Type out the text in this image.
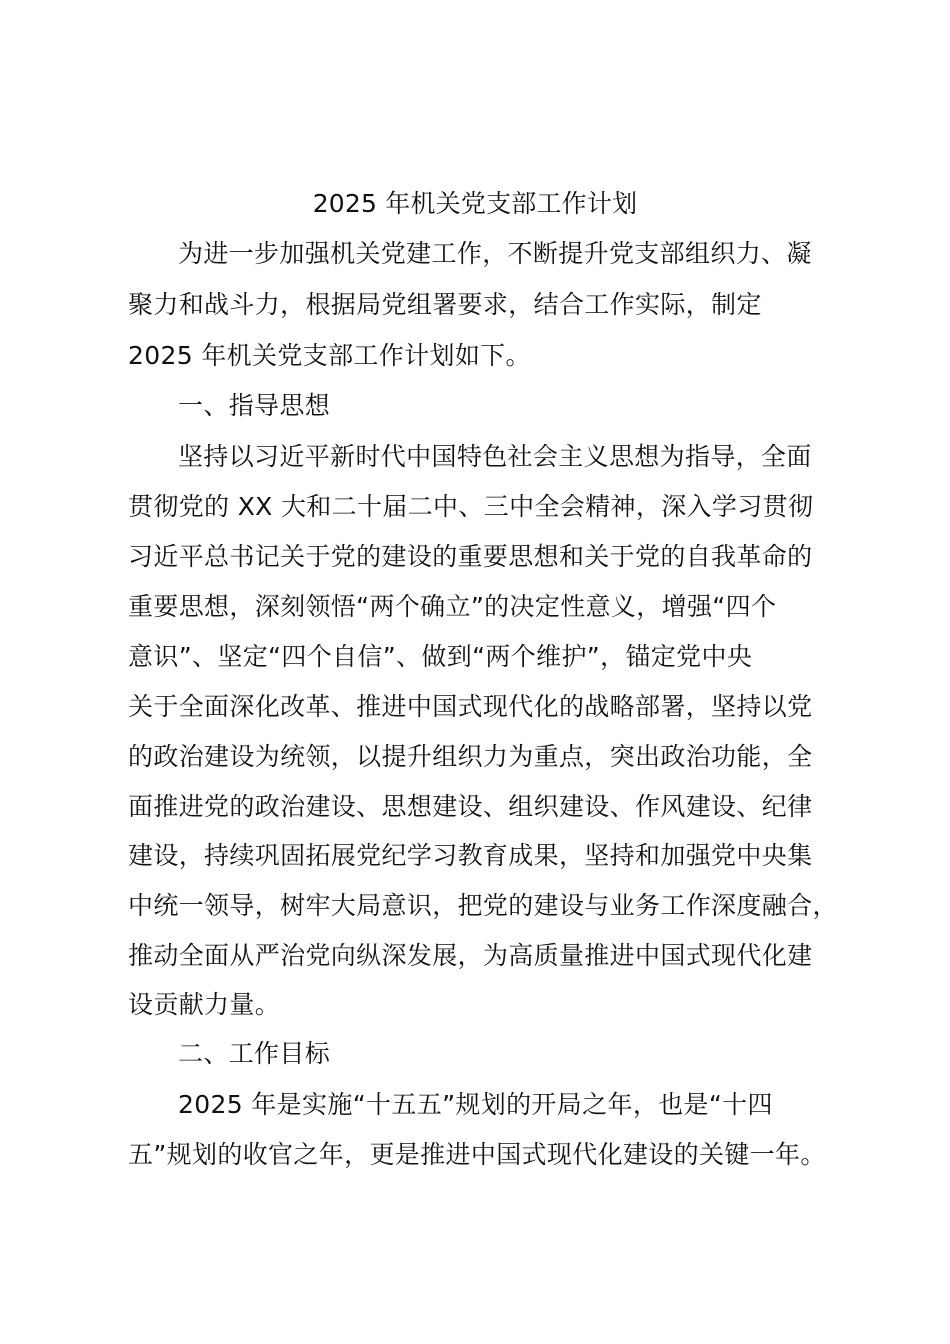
2025 年机关党支部工作计划
为进一步加强机关党建工作，不断提升党支部组织力、凝
聚力和战斗力，根据局党组署要求，结合工作实际，制定
2025 年机关党支部工作计划如下。
一、指导思想
坚持以习近平新时代中国特色社会主义思想为指导，全面
贯彻党的 XX 大和二十届二中、三中全会精神，深入学习贯彻
习近平总书记关于党的建设的重要思想和关于党的自我革命的
重要思想，深刻领悟“两个确立”的决定性意义，增强“四个
意识”、坚定“四个自信”、做到“两个维护”，锚定党中央
关于全面深化改革、推进中国式现代化的战略部署，坚持以党
的政治建设为统领，以提升组织力为重点，突出政治功能，全
面推进党的政治建设、思想建设、组织建设、作风建设、纪律
建设，持续巩固拓展党纪学习教育成果，坚持和加强党中央集
中统一领导，树牢大局意识，把党的建设与业务工作深度融合，
推动全面从严治党向纵深发展，为高质量推进中国式现代化建
设贡献力量。
二、工作目标
2025 年是实施“十五五”规划的开局之年，也是“十四
五”规划的收官之年，更是推进中国式现代化建设的关键一年。
